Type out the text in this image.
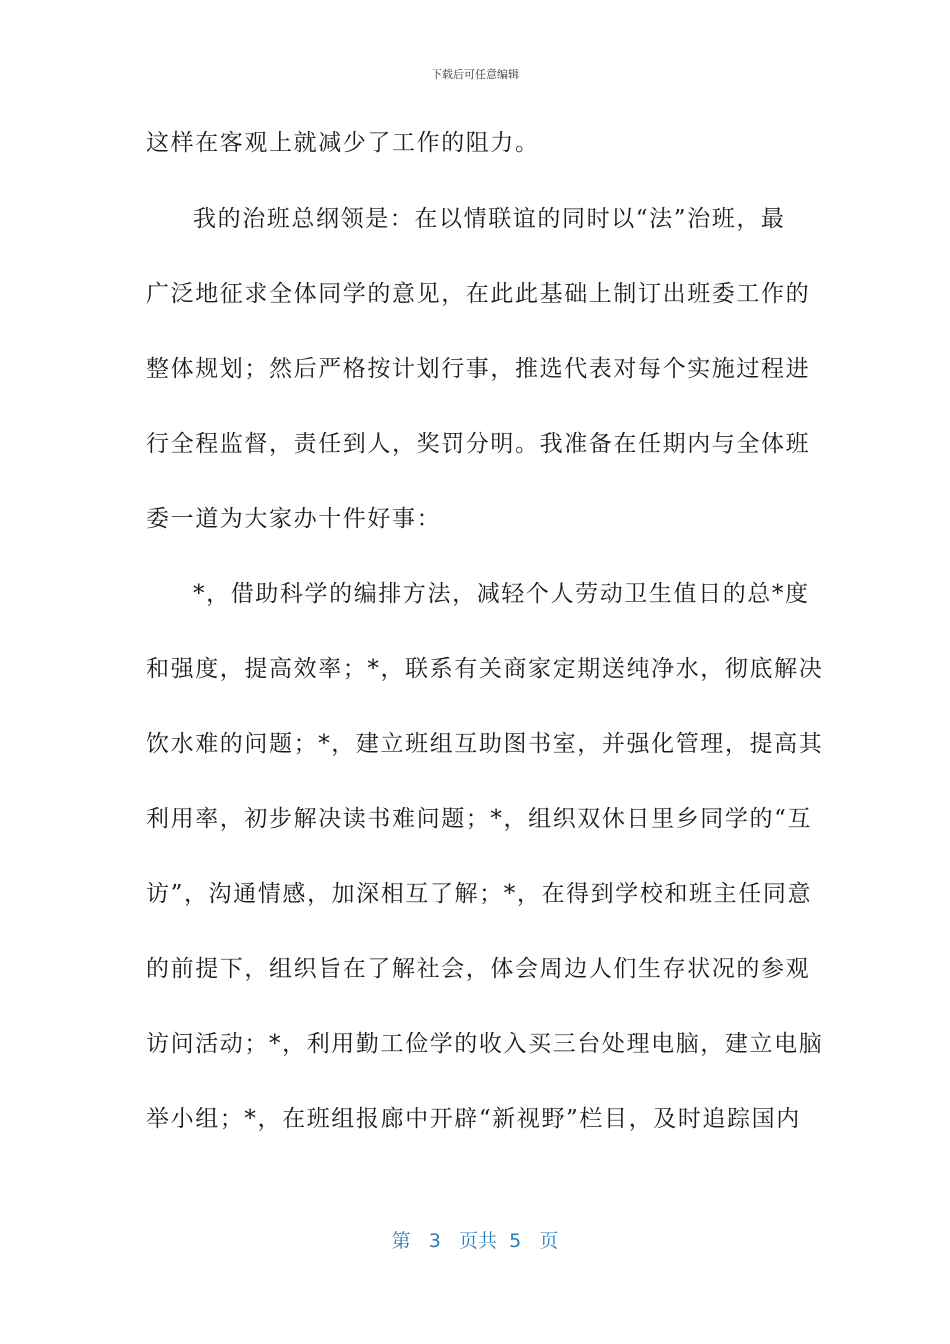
下载后可任意编辑
这样在客观上就减少了工作的阻力。
我的治班总纲领是：在以情联谊的同时以“法”治班，最
广泛地征求全体同学的意见，在此此基础上制订出班委工作的
整体规划；然后严格按计划行事，推选代表对每个实施过程进
行全程监督，责任到人，奖罚分明。我准备在任期内与全体班
委一道为大家办十件好事：
*，借助科学的编排方法，减轻个人劳动卫生值日的总*度
和强度，提高效率；*，联系有关商家定期送纯净水，彻底解决
饮水难的问题；*，建立班组互助图书室，并强化管理，提高其
利用率，初步解决读书难问题；*，组织双休日里乡同学的“互
访”，沟通情感，加深相互了解；*，在得到学校和班主任同意
的前提下，组织旨在了解社会，体会周边人们生存状况的参观
访问活动；*，利用勤工俭学的收入买三台处理电脑，建立电脑
举小组；*，在班组报廊中开辟“新视野”栏目，及时追踪国内
第 3 页共 5 页
